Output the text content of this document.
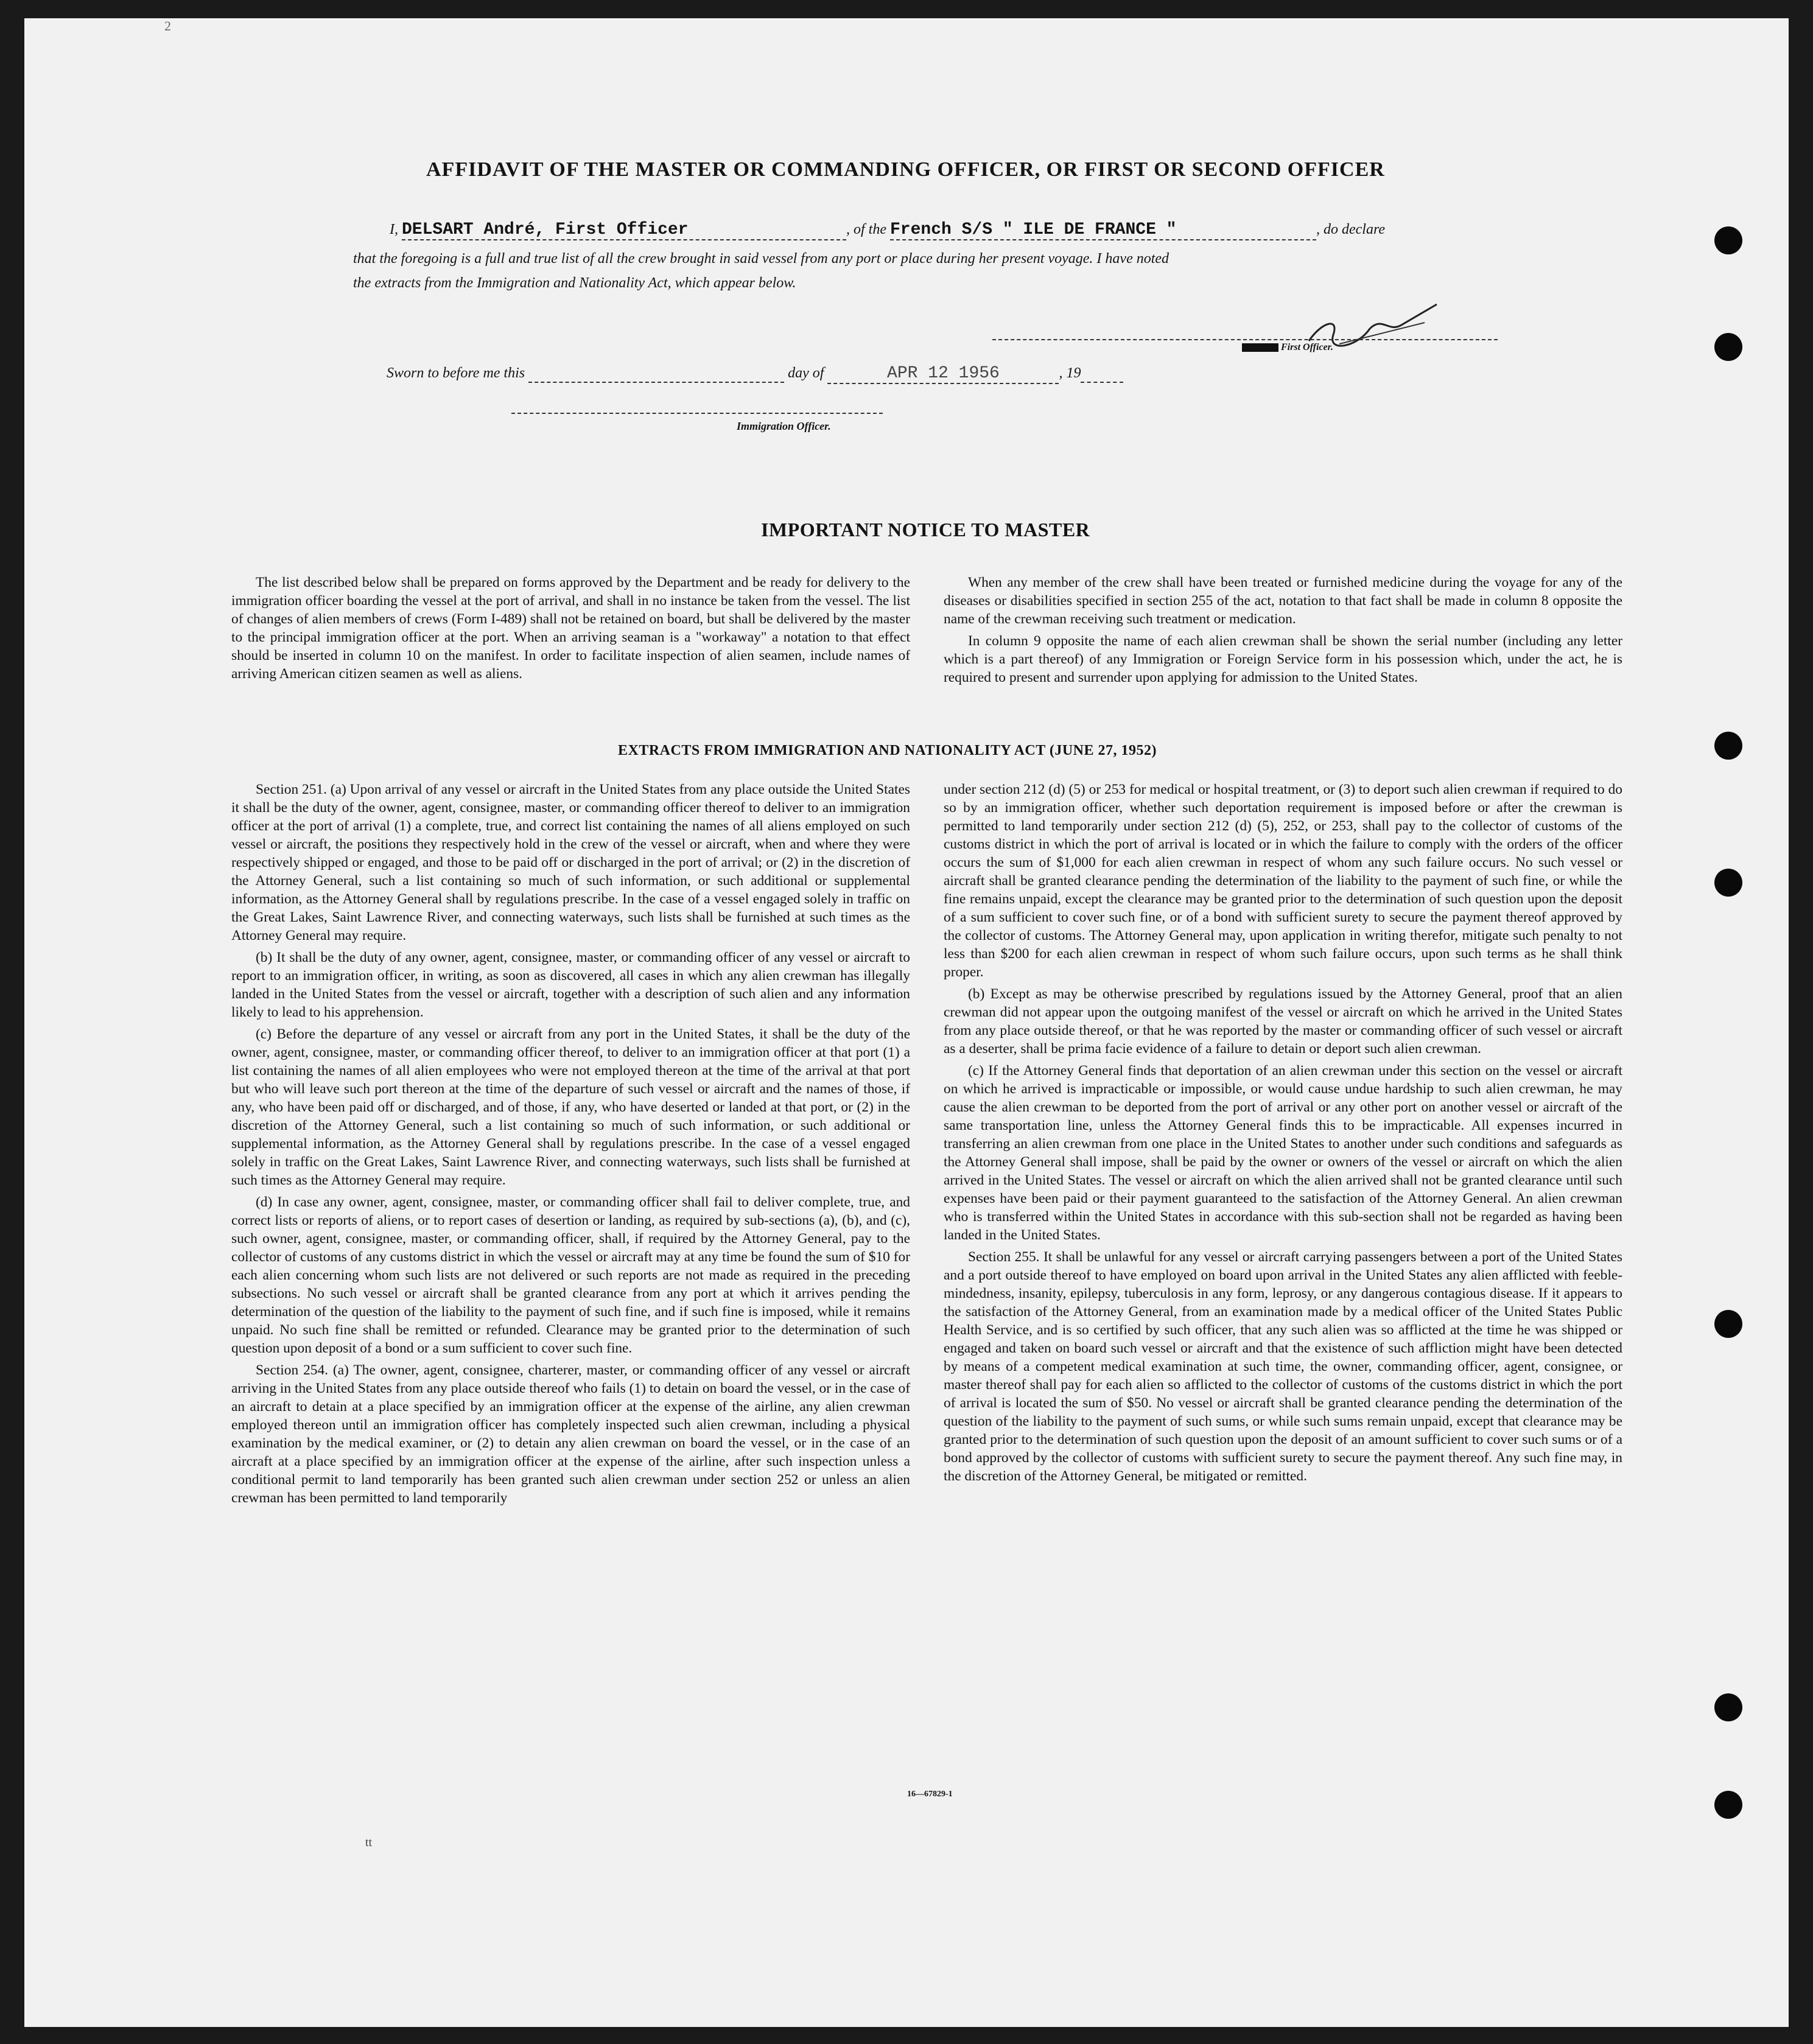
2
AFFIDAVIT OF THE MASTER OR COMMANDING OFFICER, OR FIRST OR SECOND OFFICER
I, DELSART André, First Officer	, of the French S/S " ILE DE FRANCE "	, do declare
that the foregoing is a full and true list of all the crew brought in said vessel from any port or place during her present voyage. I have noted
the extracts from the Immigration and Nationality Act, which appear below.
First Officer.
Sworn to before me this	day of	APR 12 1956	, 19
Immigration Officer.
IMPORTANT NOTICE TO MASTER

The list described below shall be prepared on forms approved by the Department and be ready for delivery to the immigration officer boarding the vessel at the port of arrival, and shall in no instance be taken from the vessel. The list of changes of alien members of crews (Form I-489) shall not be retained on board, but shall be delivered by the master to the principal immigration officer at the port. When an arriving seaman is a "workaway" a notation to that effect should be inserted in column 10 on the manifest. In order to facilitate inspection of alien seamen, include names of arriving American citizen seamen as well as aliens.

When any member of the crew shall have been treated or furnished medicine during the voyage for any of the diseases or disabilities specified in section 255 of the act, notation to that fact shall be made in column 8 opposite the name of the crewman receiving such treatment or medication.

In column 9 opposite the name of each alien crewman shall be shown the serial number (including any letter which is a part thereof) of any Immigration or Foreign Service form in his possession which, under the act, he is required to present and surrender upon applying for admission to the United States.

EXTRACTS FROM IMMIGRATION AND NATIONALITY ACT (JUNE 27, 1952)

Section 251. (a) Upon arrival of any vessel or aircraft in the United States from any place outside the United States it shall be the duty of the owner, agent, consignee, master, or commanding officer thereof to deliver to an immigration officer at the port of arrival (1) a complete, true, and correct list containing the names of all aliens employed on such vessel or aircraft, the positions they respectively hold in the crew of the vessel or aircraft, when and where they were respectively shipped or engaged, and those to be paid off or discharged in the port of arrival; or (2) in the discretion of the Attorney General, such a list containing so much of such information, or such additional or supplemental information, as the Attorney General shall by regulations prescribe. In the case of a vessel engaged solely in traffic on the Great Lakes, Saint Lawrence River, and connecting waterways, such lists shall be furnished at such times as the Attorney General may require.

(b) It shall be the duty of any owner, agent, consignee, master, or commanding officer of any vessel or aircraft to report to an immigration officer, in writing, as soon as discovered, all cases in which any alien crewman has illegally landed in the United States from the vessel or aircraft, together with a description of such alien and any information likely to lead to his apprehension.

(c) Before the departure of any vessel or aircraft from any port in the United States, it shall be the duty of the owner, agent, consignee, master, or commanding officer thereof, to deliver to an immigration officer at that port (1) a list containing the names of all alien employees who were not employed thereon at the time of the arrival at that port but who will leave such port thereon at the time of the departure of such vessel or aircraft and the names of those, if any, who have been paid off or discharged, and of those, if any, who have deserted or landed at that port, or (2) in the discretion of the Attorney General, such a list containing so much of such information, or such additional or supplemental information, as the Attorney General shall by regulations prescribe. In the case of a vessel engaged solely in traffic on the Great Lakes, Saint Lawrence River, and connecting waterways, such lists shall be furnished at such times as the Attorney General may require.

(d) In case any owner, agent, consignee, master, or commanding officer shall fail to deliver complete, true, and correct lists or reports of aliens, or to report cases of desertion or landing, as required by sub-sections (a), (b), and (c), such owner, agent, consignee, master, or commanding officer, shall, if required by the Attorney General, pay to the collector of customs of any customs district in which the vessel or aircraft may at any time be found the sum of $10 for each alien concerning whom such lists are not delivered or such reports are not made as required in the preceding subsections. No such vessel or aircraft shall be granted clearance from any port at which it arrives pending the determination of the question of the liability to the payment of such fine, and if such fine is imposed, while it remains unpaid. No such fine shall be remitted or refunded. Clearance may be granted prior to the determination of such question upon deposit of a bond or a sum sufficient to cover such fine.

Section 254. (a) The owner, agent, consignee, charterer, master, or commanding officer of any vessel or aircraft arriving in the United States from any place outside thereof who fails (1) to detain on board the vessel, or in the case of an aircraft to detain at a place specified by an immigration officer at the expense of the airline, any alien crewman employed thereon until an immigration officer has completely inspected such alien crewman, including a physical examination by the medical examiner, or (2) to detain any alien crewman on board the vessel, or in the case of an aircraft at a place specified by an immigration officer at the expense of the airline, after such inspection unless a conditional permit to land temporarily has been granted such alien crewman under section 252 or unless an alien crewman has been permitted to land temporarily

under section 212 (d) (5) or 253 for medical or hospital treatment, or (3) to deport such alien crewman if required to do so by an immigration officer, whether such deportation requirement is imposed before or after the crewman is permitted to land temporarily under section 212 (d) (5), 252, or 253, shall pay to the collector of customs of the customs district in which the port of arrival is located or in which the failure to comply with the orders of the officer occurs the sum of $1,000 for each alien crewman in respect of whom any such failure occurs. No such vessel or aircraft shall be granted clearance pending the determination of the liability to the payment of such fine, or while the fine remains unpaid, except the clearance may be granted prior to the determination of such question upon the deposit of a sum sufficient to cover such fine, or of a bond with sufficient surety to secure the payment thereof approved by the collector of customs. The Attorney General may, upon application in writing therefor, mitigate such penalty to not less than $200 for each alien crewman in respect of whom such failure occurs, upon such terms as he shall think proper.

(b) Except as may be otherwise prescribed by regulations issued by the Attorney General, proof that an alien crewman did not appear upon the outgoing manifest of the vessel or aircraft on which he arrived in the United States from any place outside thereof, or that he was reported by the master or commanding officer of such vessel or aircraft as a deserter, shall be prima facie evidence of a failure to detain or deport such alien crewman.

(c) If the Attorney General finds that deportation of an alien crewman under this section on the vessel or aircraft on which he arrived is impracticable or impossible, or would cause undue hardship to such alien crewman, he may cause the alien crewman to be deported from the port of arrival or any other port on another vessel or aircraft of the same transportation line, unless the Attorney General finds this to be impracticable. All expenses incurred in transferring an alien crewman from one place in the United States to another under such conditions and safeguards as the Attorney General shall impose, shall be paid by the owner or owners of the vessel or aircraft on which the alien arrived in the United States. The vessel or aircraft on which the alien arrived shall not be granted clearance until such expenses have been paid or their payment guaranteed to the satisfaction of the Attorney General. An alien crewman who is transferred within the United States in accordance with this sub-section shall not be regarded as having been landed in the United States.

Section 255. It shall be unlawful for any vessel or aircraft carrying passengers between a port of the United States and a port outside thereof to have employed on board upon arrival in the United States any alien afflicted with feeble-mindedness, insanity, epilepsy, tuberculosis in any form, leprosy, or any dangerous contagious disease. If it appears to the satisfaction of the Attorney General, from an examination made by a medical officer of the United States Public Health Service, and is so certified by such officer, that any such alien was so afflicted at the time he was shipped or engaged and taken on board such vessel or aircraft and that the existence of such affliction might have been detected by means of a competent medical examination at such time, the owner, commanding officer, agent, consignee, or master thereof shall pay for each alien so afflicted to the collector of customs of the customs district in which the port of arrival is located the sum of $50. No vessel or aircraft shall be granted clearance pending the determination of the question of the liability to the payment of such sums, or while such sums remain unpaid, except that clearance may be granted prior to the determination of such question upon the deposit of an amount sufficient to cover such sums or of a bond approved by the collector of customs with sufficient surety to secure the payment thereof. Any such fine may, in the discretion of the Attorney General, be mitigated or remitted.

16—67829-1
tt
